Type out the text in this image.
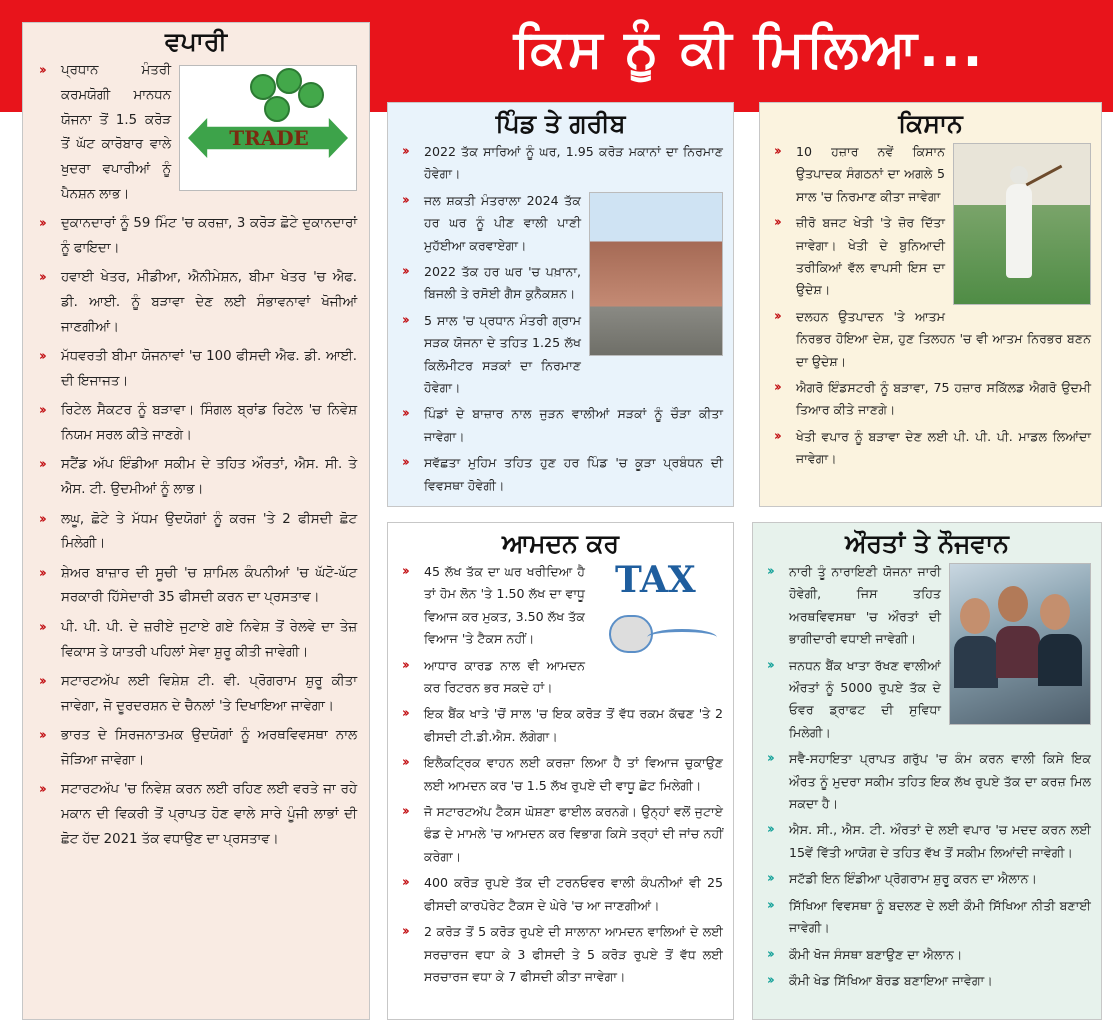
ਕਿਸ ਨੂੰ ਕੀ ਮਿਲਿਆ...
ਵਪਾਰੀ
TRADE
›› ਪ੍ਰਧਾਨ ਮੰਤਰੀ ਕਰਮਯੋਗੀ ਮਾਨਧਨ ਯੋਜਨਾ ਤੋਂ 1.5 ਕਰੋੜ ਤੋਂ ਘੱਟ ਕਾਰੋਬਾਰ ਵਾਲੇ ਖੁਦਰਾ ਵਪਾਰੀਆਂ ਨੂੰ ਪੈਨਸ਼ਨ ਲਾਭ।
›› ਦੁਕਾਨਦਾਰਾਂ ਨੂੰ 59 ਮਿੰਟ 'ਚ ਕਰਜ਼ਾ, 3 ਕਰੋੜ ਛੋਟੇ ਦੁਕਾਨਦਾਰਾਂ ਨੂੰ ਫਾਇਦਾ।
›› ਹਵਾਈ ਖੇਤਰ, ਮੀਡੀਆ, ਐਨੀਮੇਸ਼ਨ, ਬੀਮਾ ਖੇਤਰ 'ਚ ਐਫ. ਡੀ. ਆਈ. ਨੂੰ ਬੜਾਵਾ ਦੇਣ ਲਈ ਸੰਭਾਵਨਾਵਾਂ ਖੋਜੀਆਂ ਜਾਣਗੀਆਂ।
›› ਮੱਧਵਰਤੀ ਬੀਮਾ ਯੋਜਨਾਵਾਂ 'ਚ 100 ਫੀਸਦੀ ਐਫ. ਡੀ. ਆਈ. ਦੀ ਇਜਾਜਤ।
›› ਰਿਟੇਲ ਸੈਕਟਰ ਨੂੰ ਬੜਾਵਾ। ਸਿੰਗਲ ਬ੍ਰਾਂਡ ਰਿਟੇਲ 'ਚ ਨਿਵੇਸ਼ ਨਿਯਮ ਸਰਲ ਕੀਤੇ ਜਾਣਗੇ।
›› ਸਟੈਂਡ ਅੱਪ ਇੰਡੀਆ ਸਕੀਮ ਦੇ ਤਹਿਤ ਔਰਤਾਂ, ਐਸ. ਸੀ. ਤੇ ਐਸ. ਟੀ. ਉਦਮੀਆਂ ਨੂੰ ਲਾਭ।
›› ਲਘੂ, ਛੋਟੇ ਤੇ ਮੱਧਮ ਉਦਯੋਗਾਂ ਨੂੰ ਕਰਜ 'ਤੇ 2 ਫੀਸਦੀ ਛੋਟ ਮਿਲੇਗੀ।
›› ਸ਼ੇਅਰ ਬਾਜ਼ਾਰ ਦੀ ਸੂਚੀ 'ਚ ਸ਼ਾਮਿਲ ਕੰਪਨੀਆਂ 'ਚ ਘੱਟੋ-ਘੱਟ ਸਰਕਾਰੀ ਹਿੱਸੇਦਾਰੀ 35 ਫੀਸਦੀ ਕਰਨ ਦਾ ਪ੍ਰਸਤਾਵ।
›› ਪੀ. ਪੀ. ਪੀ. ਦੇ ਜ਼ਰੀਏ ਜੁਟਾਏ ਗਏ ਨਿਵੇਸ਼ ਤੋਂ ਰੇਲਵੇ ਦਾ ਤੇਜ਼ ਵਿਕਾਸ ਤੇ ਯਾਤਰੀ ਪਹਿਲਾਂ ਸੇਵਾ ਸ਼ੁਰੂ ਕੀਤੀ ਜਾਵੇਗੀ।
›› ਸਟਾਰਟਅੱਪ ਲਈ ਵਿਸ਼ੇਸ਼ ਟੀ. ਵੀ. ਪ੍ਰੋਗਰਾਮ ਸ਼ੁਰੂ ਕੀਤਾ ਜਾਵੇਗਾ, ਜੋ ਦੂਰਦਰਸ਼ਨ ਦੇ ਚੈਨਲਾਂ 'ਤੇ ਦਿਖਾਇਆ ਜਾਵੇਗਾ।
›› ਭਾਰਤ ਦੇ ਸਿਰਜਨਾਤਮਕ ਉਦਯੋਗਾਂ ਨੂੰ ਅਰਥਵਿਵਸਥਾ ਨਾਲ ਜੋੜਿਆ ਜਾਵੇਗਾ।
›› ਸਟਾਰਟਅੱਪ 'ਚ ਨਿਵੇਸ਼ ਕਰਨ ਲਈ ਰਹਿਣ ਲਈ ਵਰਤੇ ਜਾ ਰਹੇ ਮਕਾਨ ਦੀ ਵਿਕਰੀ ਤੋਂ ਪ੍ਰਾਪਤ ਹੋਣ ਵਾਲੇ ਸਾਰੇ ਪੂੰਜੀ ਲਾਭਾਂ ਦੀ ਛੋਟ ਹੱਦ 2021 ਤੱਕ ਵਧਾਉਣ ਦਾ ਪ੍ਰਸਤਾਵ।
ਪਿੰਡ ਤੇ ਗਰੀਬ
›› 2022 ਤੱਕ ਸਾਰਿਆਂ ਨੂੰ ਘਰ, 1.95 ਕਰੋੜ ਮਕਾਨਾਂ ਦਾ ਨਿਰਮਾਣ ਹੋਵੇਗਾ।
›› ਜਲ ਸ਼ਕਤੀ ਮੰਤਰਾਲਾ 2024 ਤੱਕ ਹਰ ਘਰ ਨੂੰ ਪੀਣ ਵਾਲੀ ਪਾਣੀ ਮੁਹੱਈਆ ਕਰਵਾਏਗਾ।
›› 2022 ਤੱਕ ਹਰ ਘਰ 'ਚ ਪਖ਼ਾਨਾ, ਬਿਜਲੀ ਤੇ ਰਸੋਈ ਗੈਸ ਕੁਨੈਕਸ਼ਨ।
›› 5 ਸਾਲ 'ਚ ਪ੍ਰਧਾਨ ਮੰਤਰੀ ਗ੍ਰਾਮ ਸੜਕ ਯੋਜਨਾ ਦੇ ਤਹਿਤ 1.25 ਲੱਖ ਕਿਲੋਮੀਟਰ ਸੜਕਾਂ ਦਾ ਨਿਰਮਾਣ ਹੋਵੇਗਾ।
›› ਪਿੰਡਾਂ ਦੇ ਬਾਜ਼ਾਰ ਨਾਲ ਜੁੜਨ ਵਾਲੀਆਂ ਸੜਕਾਂ ਨੂੰ ਚੌੜਾ ਕੀਤਾ ਜਾਵੇਗਾ।
›› ਸਵੱਛਤਾ ਮੁਹਿਮ ਤਹਿਤ ਹੁਣ ਹਰ ਪਿੰਡ 'ਚ ਕੂੜਾ ਪ੍ਰਬੰਧਨ ਦੀ ਵਿਵਸਥਾ ਹੋਵੇਗੀ।
ਕਿਸਾਨ
›› 10 ਹਜ਼ਾਰ ਨਵੇਂ ਕਿਸਾਨ ਉਤਪਾਦਕ ਸੰਗਠਨਾਂ ਦਾ ਅਗਲੇ 5 ਸਾਲ 'ਚ ਨਿਰਮਾਣ ਕੀਤਾ ਜਾਵੇਗਾ
›› ਜ਼ੀਰੋ ਬਜਟ ਖੇਤੀ 'ਤੇ ਜ਼ੋਰ ਦਿੱਤਾ ਜਾਵੇਗਾ। ਖੇਤੀ ਦੇ ਬੁਨਿਆਦੀ ਤਰੀਕਿਆਂ ਵੱਲ ਵਾਪਸੀ ਇਸ ਦਾ ਉਦੇਸ਼।
›› ਦਲਹਨ ਉਤਪਾਦਨ 'ਤੇ ਆਤਮ ਨਿਰਭਰ ਹੋਇਆ ਦੇਸ਼, ਹੁਣ ਤਿਲਹਨ 'ਚ ਵੀ ਆਤਮ ਨਿਰਭਰ ਬਣਨ ਦਾ ਉਦੇਸ਼।
›› ਐਗਰੋ ਇੰਡਸਟਰੀ ਨੂੰ ਬੜਾਵਾ, 75 ਹਜ਼ਾਰ ਸਕਿੱਲਡ ਐਗਰੋ ਉਦਮੀ ਤਿਆਰ ਕੀਤੇ ਜਾਣਗੇ।
›› ਖੇਤੀ ਵਪਾਰ ਨੂੰ ਬੜਾਵਾ ਦੇਣ ਲਈ ਪੀ. ਪੀ. ਪੀ. ਮਾਡਲ ਲਿਆਂਦਾ ਜਾਵੇਗਾ।
ਆਮਦਨ ਕਰ
TAX
›› 45 ਲੱਖ ਤੱਕ ਦਾ ਘਰ ਖਰੀਦਿਆ ਹੈ ਤਾਂ ਹੋਮ ਲੋਨ 'ਤੇ 1.50 ਲੱਖ ਦਾ ਵਾਧੂ ਵਿਆਜ ਕਰ ਮੁਕਤ, 3.50 ਲੱਖ ਤੱਕ ਵਿਆਜ 'ਤੇ ਟੈਕਸ ਨਹੀਂ।
›› ਆਧਾਰ ਕਾਰਡ ਨਾਲ ਵੀ ਆਮਦਨ ਕਰ ਰਿਟਰਨ ਭਰ ਸਕਦੇ ਹਾਂ।
›› ਇਕ ਬੈਂਕ ਖਾਤੇ 'ਚੋਂ ਸਾਲ 'ਚ ਇਕ ਕਰੋੜ ਤੋਂ ਵੱਧ ਰਕਮ ਕੱਢਣ 'ਤੇ 2 ਫੀਸਦੀ ਟੀ.ਡੀ.ਐਸ. ਲੱਗੇਗਾ।
›› ਇਲੈਕਟ੍ਰਿਕ ਵਾਹਨ ਲਈ ਕਰਜ਼ਾ ਲਿਆ ਹੈ ਤਾਂ ਵਿਆਜ ਚੁਕਾਉਣ ਲਈ ਆਮਦਨ ਕਰ 'ਚ 1.5 ਲੱਖ ਰੁਪਏ ਦੀ ਵਾਧੂ ਛੋਟ ਮਿਲੇਗੀ।
›› ਜੋ ਸਟਾਰਟਅੱਪ ਟੈਕਸ ਘੋਸ਼ਣਾ ਫਾਈਲ ਕਰਨਗੇ। ਉਨ੍ਹਾਂ ਵਲੋਂ ਜੁਟਾਏ ਫੰਡ ਦੇ ਮਾਮਲੇ 'ਚ ਆਮਦਨ ਕਰ ਵਿਭਾਗ ਕਿਸੇ ਤਰ੍ਹਾਂ ਦੀ ਜਾਂਚ ਨਹੀਂ ਕਰੇਗਾ।
›› 400 ਕਰੋੜ ਰੁਪਏ ਤੱਕ ਦੀ ਟਰਨਓਵਰ ਵਾਲੀ ਕੰਪਨੀਆਂ ਵੀ 25 ਫੀਸਦੀ ਕਾਰਪੋਰੇਟ ਟੈਕਸ ਦੇ ਘੇਰੇ 'ਚ ਆ ਜਾਣਗੀਆਂ।
›› 2 ਕਰੋੜ ਤੋਂ 5 ਕਰੋੜ ਰੁਪਏ ਦੀ ਸਾਲਾਨਾ ਆਮਦਨ ਵਾਲਿਆਂ ਦੇ ਲਈ ਸਰਚਾਰਜ ਵਧਾ ਕੇ 3 ਫੀਸਦੀ ਤੇ 5 ਕਰੋੜ ਰੁਪਏ ਤੋਂ ਵੱਧ ਲਈ ਸਰਚਾਰਜ ਵਧਾ ਕੇ 7 ਫੀਸਦੀ ਕੀਤਾ ਜਾਵੇਗਾ।
ਔਰਤਾਂ ਤੇ ਨੌਜਵਾਨ
›› ਨਾਰੀ ਤੂੰ ਨਾਰਾਇਣੀ ਯੋਜਨਾ ਜਾਰੀ ਹੋਵੇਗੀ, ਜਿਸ ਤਹਿਤ ਅਰਥਵਿਵਸਥਾ 'ਚ ਔਰਤਾਂ ਦੀ ਭਾਗੀਦਾਰੀ ਵਧਾਈ ਜਾਵੇਗੀ।
›› ਜਨਧਨ ਬੈਂਕ ਖਾਤਾ ਰੱਖਣ ਵਾਲੀਆਂ ਔਰਤਾਂ ਨੂੰ 5000 ਰੁਪਏ ਤੱਕ ਦੇ ਓਵਰ ਡ੍ਰਾਫਟ ਦੀ ਸੁਵਿਧਾ ਮਿਲੇਗੀ।
›› ਸਵੈ-ਸਹਾਇਤਾ ਪ੍ਰਾਪਤ ਗਰੁੱਪ 'ਚ ਕੰਮ ਕਰਨ ਵਾਲੀ ਕਿਸੇ ਇਕ ਔਰਤ ਨੂੰ ਮੁਦਰਾ ਸਕੀਮ ਤਹਿਤ ਇਕ ਲੱਖ ਰੁਪਏ ਤੱਕ ਦਾ ਕਰਜ਼ ਮਿਲ ਸਕਦਾ ਹੈ।
›› ਐਸ. ਸੀ., ਐਸ. ਟੀ. ਔਰਤਾਂ ਦੇ ਲਈ ਵਪਾਰ 'ਚ ਮਦਦ ਕਰਨ ਲਈ 15ਵੇਂ ਵਿੱਤੀ ਆਯੋਗ ਦੇ ਤਹਿਤ ਵੱਖ ਤੋਂ ਸਕੀਮ ਲਿਆਂਦੀ ਜਾਵੇਗੀ।
›› ਸਟੱਡੀ ਇਨ ਇੰਡੀਆ ਪ੍ਰੋਗਰਾਮ ਸ਼ੁਰੂ ਕਰਨ ਦਾ ਐਲਾਨ।
›› ਸਿੱਖਿਆ ਵਿਵਸਥਾ ਨੂੰ ਬਦਲਣ ਦੇ ਲਈ ਕੌਮੀ ਸਿੱਖਿਆ ਨੀਤੀ ਬਣਾਈ ਜਾਵੇਗੀ।
›› ਕੌਮੀ ਖੋਜ ਸੰਸਥਾ ਬਣਾਉਣ ਦਾ ਐਲਾਨ।
›› ਕੌਮੀ ਖੇਡ ਸਿੱਖਿਆ ਬੋਰਡ ਬਣਾਇਆ ਜਾਵੇਗਾ।
